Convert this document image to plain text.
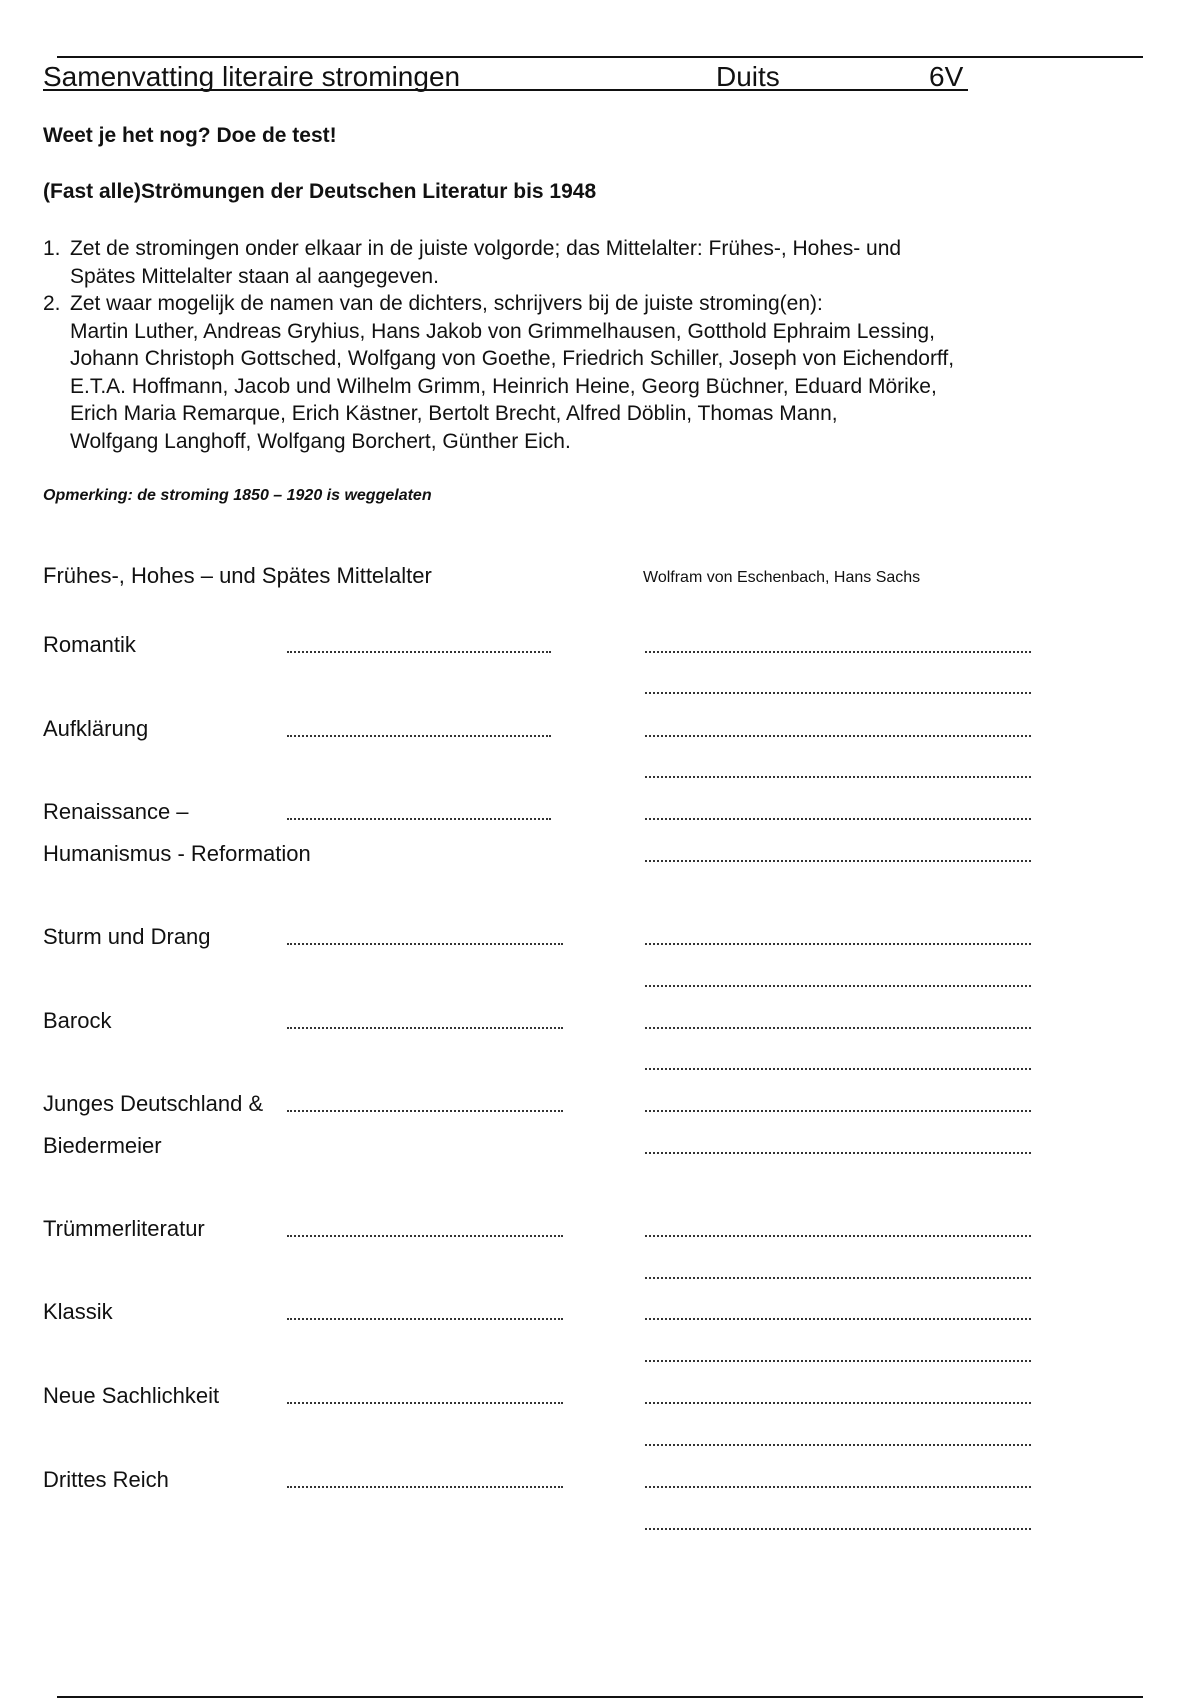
Samenvatting literaire stromingen	Duits	6V
Weet je het nog? Doe de test!
(Fast alle)Strömungen der Deutschen Literatur bis 1948
1. Zet de stromingen onder elkaar in de juiste volgorde; das Mittelalter: Frühes-, Hohes- und
Spätes Mittelalter staan al aangegeven.
2. Zet waar mogelijk de namen van de dichters, schrijvers bij de juiste stroming(en):
Martin Luther, Andreas Gryhius, Hans Jakob von Grimmelhausen, Gotthold Ephraim Lessing,
Johann Christoph Gottsched, Wolfgang von Goethe, Friedrich Schiller, Joseph von Eichendorff,
E.T.A. Hoffmann, Jacob und Wilhelm Grimm, Heinrich Heine, Georg Büchner, Eduard Mörike,
Erich Maria Remarque, Erich Kästner, Bertolt Brecht, Alfred Döblin, Thomas Mann,
Wolfgang Langhoff, Wolfgang Borchert, Günther Eich.
Opmerking: de stroming 1850 – 1920 is weggelaten
Frühes-, Hohes – und Spätes Mittelalter	Wolfram von Eschenbach, Hans Sachs
Romantik
Aufklärung
Renaissance –
Humanismus - Reformation
Sturm und Drang
Barock
Junges Deutschland &
Biedermeier
Trümmerliteratur
Klassik
Neue Sachlichkeit
Drittes Reich
